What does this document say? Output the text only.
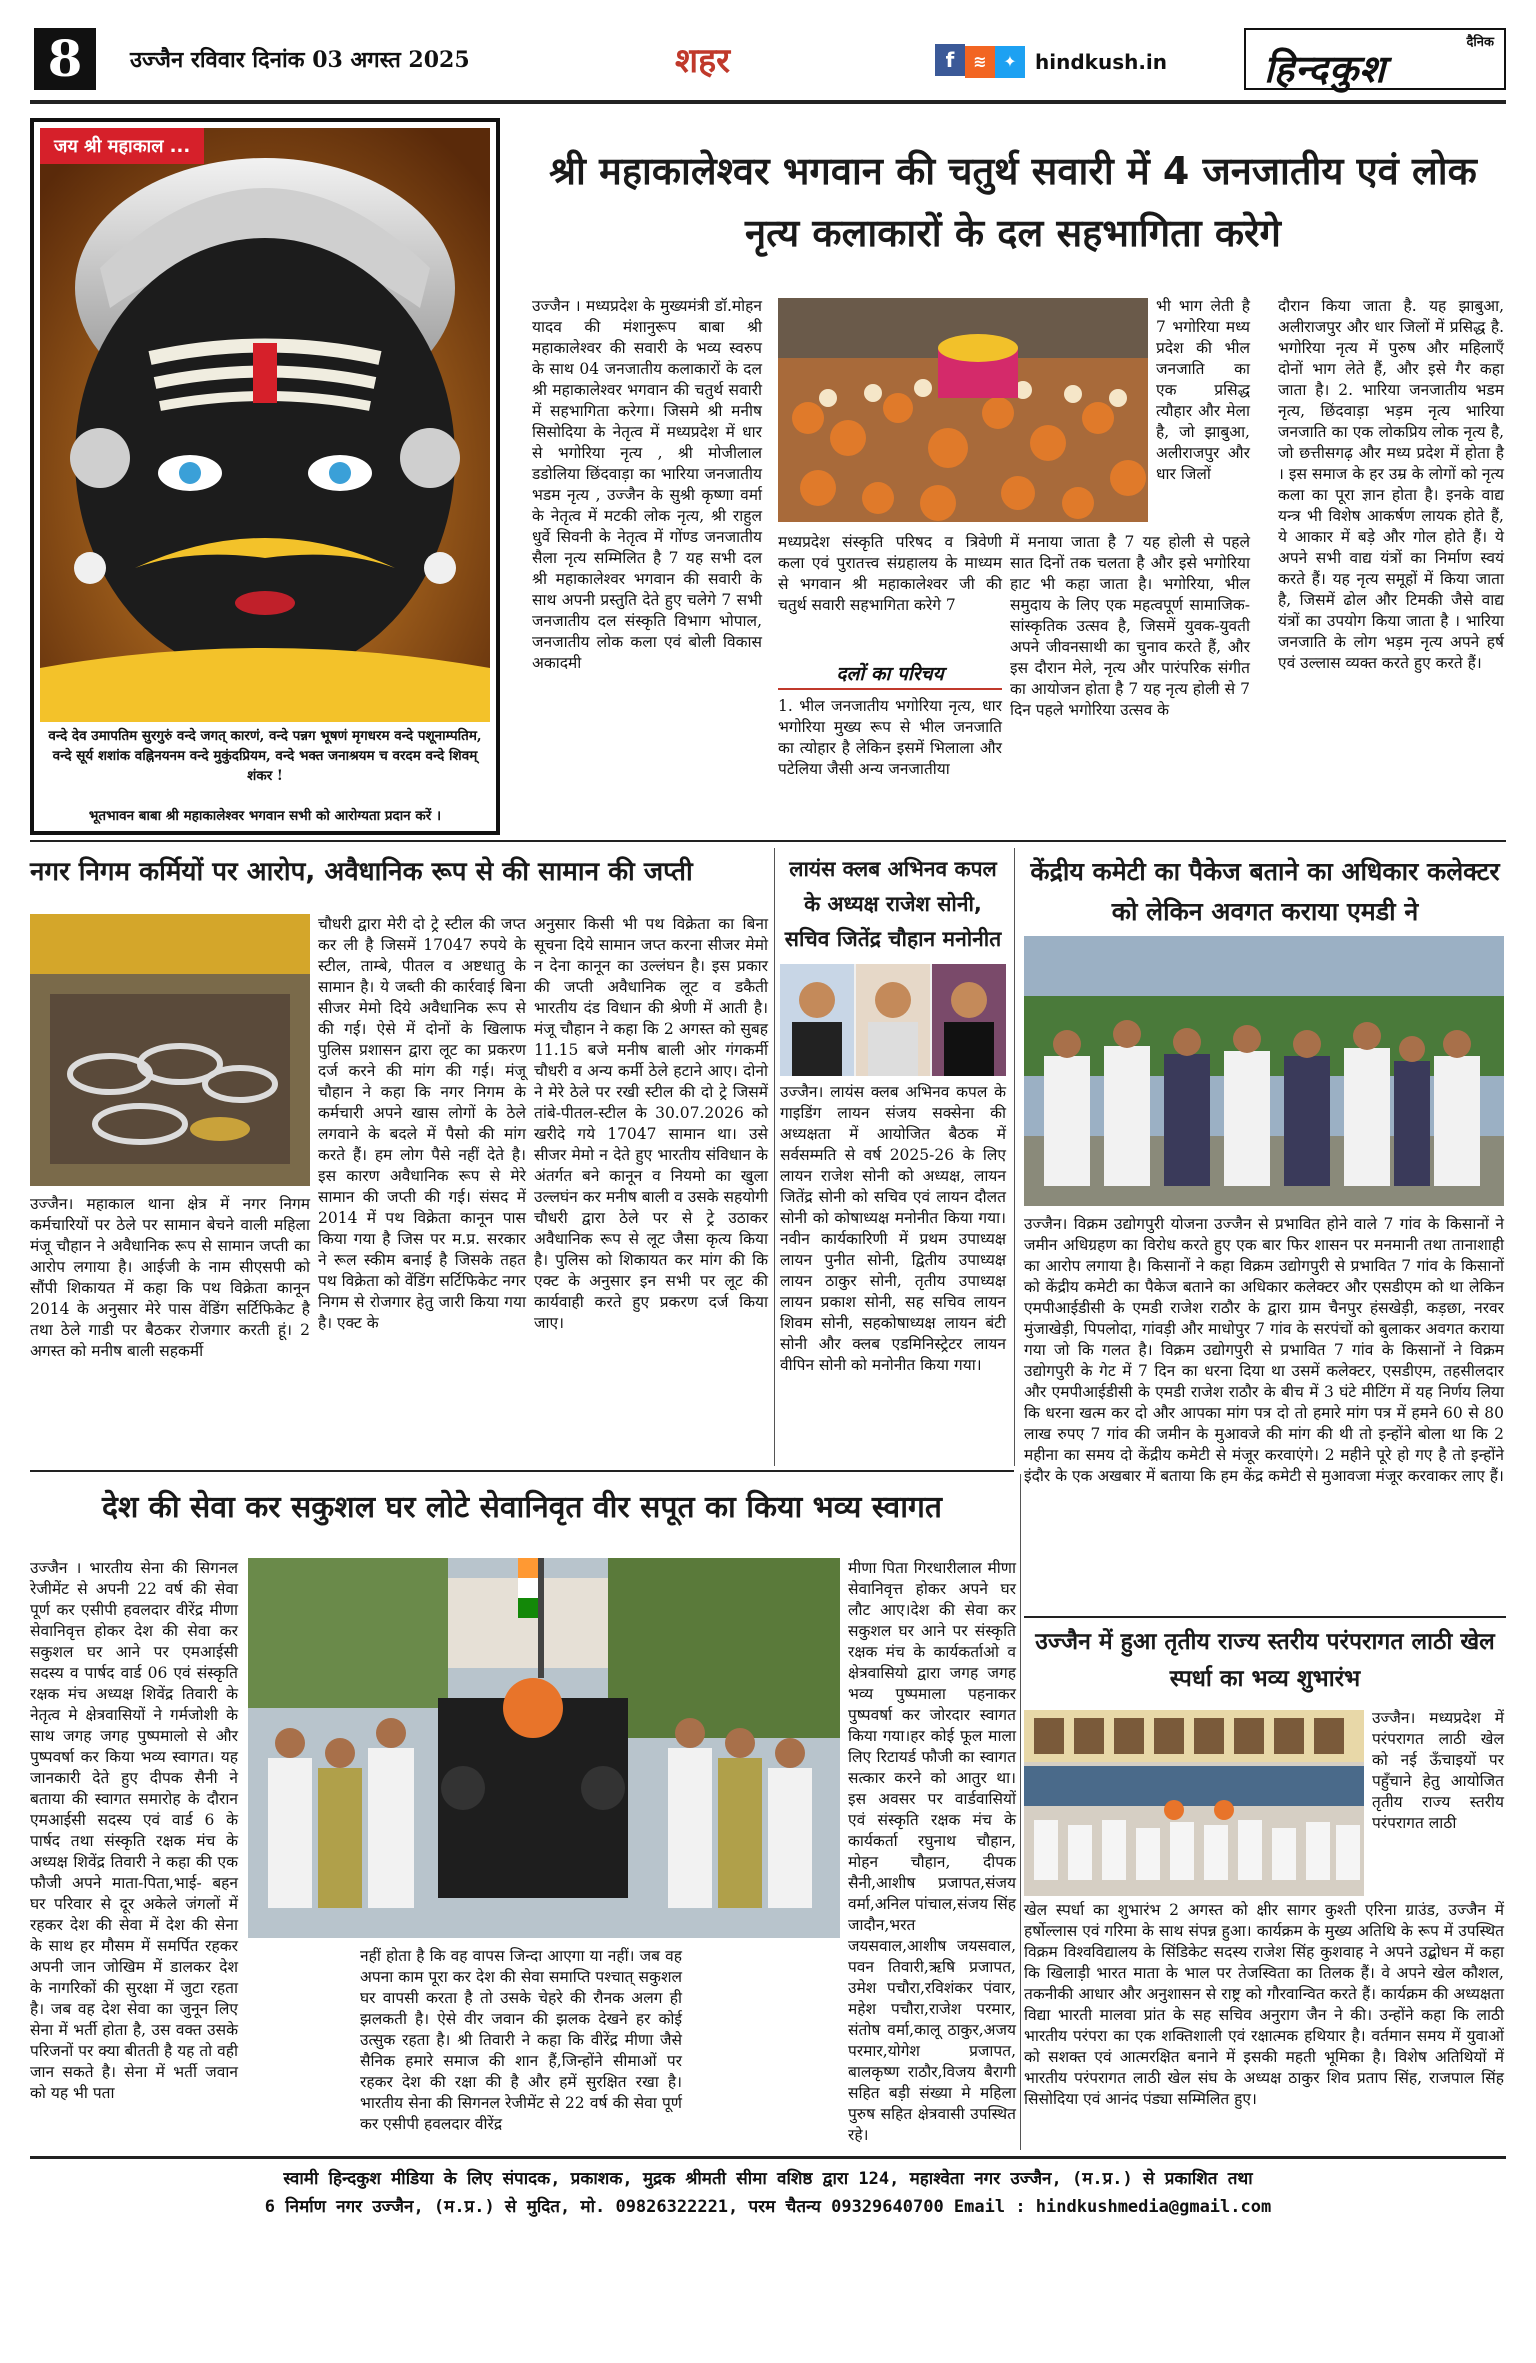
8	उज्जैन रविवार दिनांक 03 अगस्त 2025	शहर	f ≋ ✦ hindkush.in
दैनिक
हिन्दकुश
जय श्री महाकाल ...
वन्दे देव उमापतिम सुरगुरुं वन्दे जगत् कारणं, वन्दे पन्नग भूषणं मृगधरम वन्दे पशूनाम्पतिम, वन्दे सूर्य शशांक वह्निनयनम वन्दे मुकुंदप्रियम, वन्दे भक्त जनाश्रयम च वरदम वन्दे शिवम् शंकर !
भूतभावन बाबा श्री महाकालेश्वर भगवान सभी को आरोग्यता प्रदान करें ।
श्री महाकालेश्वर भगवान की चतुर्थ सवारी में 4 जनजातीय एवं लोक नृत्य कलाकारों के दल सहभागिता करेगे
उज्जैन । मध्यप्रदेश के मुख्यमंत्री डॉ.मोहन यादव की मंशानुरूप बाबा श्री महाकालेश्वर की सवारी के भव्य स्वरुप के साथ 04 जनजातीय कलाकारों के दल श्री महाकालेश्वर भगवान की चतुर्थ सवारी में सहभागिता करेगा। जिसमे श्री मनीष सिसोदिया के नेतृत्व में मध्यप्रदेश में धार से भगोरिया नृत्य , श्री मोजीलाल डडोलिया छिंदवाड़ा का भारिया जनजातीय भडम नृत्य , उज्जैन के सुश्री कृष्णा वर्मा के नेतृत्व में मटकी लोक नृत्य, श्री राहुल धुर्वे सिवनी के नेतृत्व में गोंण्ड जनजातीय सैला नृत्य सम्मिलित है 7 यह सभी दल श्री महाकालेश्वर भगवान की सवारी के साथ अपनी प्रस्तुति देते हुए चलेगे 7 सभी जनजातीय दल संस्कृति विभाग भोपाल, जनजातीय लोक कला एवं बोली विकास अकादमी
मध्यप्रदेश संस्कृति परिषद व त्रिवेणी कला एवं पुरातत्त्व संग्रहालय के माध्यम से भगवान श्री महाकालेश्वर जी की चतुर्थ सवारी सहभागिता करेगे 7
दलों का परिचय
1. भील जनजातीय भगोरिया नृत्य, धार भगोरिया मुख्य रूप से भील जनजाति का त्योहार है लेकिन इसमें भिलाला और पटेलिया जैसी अन्य जनजातीया
भी भाग लेती है 7 भगोरिया मध्य प्रदेश की भील जनजाति का एक प्रसिद्ध त्यौहार और मेला है, जो झाबुआ, अलीराजपुर और धार जिलों
में मनाया जाता है 7 यह होली से पहले सात दिनों तक चलता है और इसे भगोरिया हाट भी कहा जाता है। भगोरिया, भील समुदाय के लिए एक महत्वपूर्ण सामाजिक-सांस्कृतिक उत्सव है, जिसमें युवक-युवती अपने जीवनसाथी का चुनाव करते हैं, और इस दौरान मेले, नृत्य और पारंपरिक संगीत का आयोजन होता है 7 यह नृत्य होली से 7 दिन पहले भगोरिया उत्सव के
दौरान किया जाता है. यह झाबुआ, अलीराजपुर और धार जिलों में प्रसिद्ध है. भगोरिया नृत्य में पुरुष और महिलाएँ दोनों भाग लेते हैं, और इसे गैर कहा जाता है। 2. भारिया जनजातीय भडम नृत्य, छिंदवाड़ा भड़म नृत्य भारिया जनजाति का एक लोकप्रिय लोक नृत्य है, जो छत्तीसगढ़ और मध्य प्रदेश में होता है । इस समाज के हर उम्र के लोगों को नृत्य कला का पूरा ज्ञान होता है। इनके वाद्य यन्त्र भी विशेष आकर्षण लायक होते हैं, ये आकार में बड़े और गोल होते हैं। ये अपने सभी वाद्य यंत्रों का निर्माण स्वयं करते हैं। यह नृत्य समूहों में किया जाता है, जिसमें ढोल और टिमकी जैसे वाद्य यंत्रों का उपयोग किया जाता है । भारिया जनजाति के लोग भड़म नृत्य अपने हर्ष एवं उल्लास व्यक्त करते हुए करते हैं।
नगर निगम कर्मियों पर आरोप, अवैधानिक रूप से की सामान की जप्ती
उज्जैन। महाकाल थाना क्षेत्र में नगर निगम कर्मचारियों पर ठेले पर सामान बेचने वाली महिला मंजू चौहान ने अवैधानिक रूप से सामान जप्ती का आरोप लगाया है। आईजी के नाम सीएसपी को सौंपी शिकायत में कहा कि पथ विक्रेता कानून 2014 के अनुसार मेरे पास वेंडिंग सर्टिफिकेट है तथा ठेले गाडी पर बैठकर रोजगार करती हूं। 2 अगस्त को मनीष बाली सहकर्मी
चौधरी द्वारा मेरी दो ट्रे स्टील की जप्त कर ली है जिसमें 17047 रुपये के स्टील, ताम्बे, पीतल व अष्टधातु के सामान है। ये जब्ती की कार्रवाई बिना सीजर मेमो दिये अवैधानिक रूप से की गई। ऐसे में दोनों के खिलाफ पुलिस प्रशासन द्वारा लूट का प्रकरण दर्ज करने की मांग की गई। मंजू चौहान ने कहा कि नगर निगम के कर्मचारी अपने खास लोगों के ठेले लगवाने के बदले में पैसो की मांग करते हैं। हम लोग पैसे नहीं देते है। इस कारण अवैधानिक रूप से मेरे सामान की जप्ती की गई। संसद में 2014 में पथ विक्रेता कानून पास किया गया है जिस पर म.प्र. सरकार ने रूल स्कीम बनाई है जिसके तहत पथ विक्रेता को वेंडिंग सर्टिफिकेट नगर निगम से रोजगार हेतु जारी किया गया है। एक्ट के
अनुसार किसी भी पथ विक्रेता का बिना सूचना दिये सामान जप्त करना सीजर मेमो न देना कानून का उल्लंघन है। इस प्रकार की जप्ती अवैधानिक लूट व डकैती भारतीय दंड विधान की श्रेणी में आती है। मंजू चौहान ने कहा कि 2 अगस्त को सुबह 11.15 बजे मनीष बाली ओर गंगकर्मी चौधरी व अन्य कर्मी ठेले हटाने आए। दोनो ने मेरे ठेले पर रखी स्टील की दो ट्रे जिसमें तांबे-पीतल-स्टील के 30.07.2026 को खरीदे गये 17047 सामान था। उसे सीजर मेमो न देते हुए भारतीय संविधान के अंतर्गत बने कानून व नियमो का खुला उल्लघंन कर मनीष बाली व उसके सहयोगी चौधरी द्वारा ठेले पर से ट्रे उठाकर अवैधानिक रूप से लूट जैसा कृत्य किया है। पुलिस को शिकायत कर मांग की कि एक्ट के अनुसार इन सभी पर लूट की कार्यवाही करते हुए प्रकरण दर्ज किया जाए।
लायंस क्लब अभिनव कपल के अध्यक्ष राजेश सोनी, सचिव जितेंद्र चौहान मनोनीत
उज्जैन। लायंस क्लब अभिनव कपल के गाइडिंग लायन संजय सक्सेना की अध्यक्षता में आयोजित बैठक में सर्वसम्मति से वर्ष 2025-26 के लिए लायन राजेश सोनी को अध्यक्ष, लायन जितेंद्र सोनी को सचिव एवं लायन दौलत सोनी को कोषाध्यक्ष मनोनीत किया गया। नवीन कार्यकारिणी में प्रथम उपाध्यक्ष लायन पुनीत सोनी, द्वितीय उपाध्यक्ष लायन ठाकुर सोनी, तृतीय उपाध्यक्ष लायन प्रकाश सोनी, सह सचिव लायन शिवम सोनी, सहकोषाध्यक्ष लायन बंटी सोनी और क्लब एडमिनिस्ट्रेटर लायन वीपिन सोनी को मनोनीत किया गया।
केंद्रीय कमेटी का पैकेज बताने का अधिकार कलेक्टर को लेकिन अवगत कराया एमडी ने
उज्जैन। विक्रम उद्योगपुरी योजना उज्जैन से प्रभावित होने वाले 7 गांव के किसानों ने जमीन अधिग्रहण का विरोध करते हुए एक बार फिर शासन पर मनमानी तथा तानाशाही का आरोप लगाया है। किसानों ने कहा विक्रम उद्योगपुरी से प्रभावित 7 गांव के किसानों को केंद्रीय कमेटी का पैकेज बताने का अधिकार कलेक्टर और एसडीएम को था लेकिन एमपीआईडीसी के एमडी राजेश राठौर के द्वारा ग्राम चैनपुर हंसखेड़ी, कड़छा, नरवर मुंजाखेड़ी, पिपलोदा, गांवड़ी और माधोपुर 7 गांव के सरपंचों को बुलाकर अवगत कराया गया जो कि गलत है। विक्रम उद्योगपुरी से प्रभावित 7 गांव के किसानों ने विक्रम उद्योगपुरी के गेट में 7 दिन का धरना दिया था उसमें कलेक्टर, एसडीएम, तहसीलदार और एमपीआईडीसी के एमडी राजेश राठौर के बीच में 3 घंटे मीटिंग में यह निर्णय लिया कि धरना खत्म कर दो और आपका मांग पत्र दो तो हमारे मांग पत्र में हमने 60 से 80 लाख रुपए 7 गांव की जमीन के मुआवजे की मांग की थी तो इन्होंने बोला था कि 2 महीना का समय दो केंद्रीय कमेटी से मंजूर करवाएंगे। 2 महीने पूरे हो गए है तो इन्होंने इंदौर के एक अखबार में बताया कि हम केंद्र कमेटी से मुआवजा मंजूर करवाकर लाए हैं।
देश की सेवा कर सकुशल घर लोटे सेवानिवृत वीर सपूत का किया भव्य स्वागत
उज्जैन । भारतीय सेना की सिगनल रेजीमेंट से अपनी 22 वर्ष की सेवा पूर्ण कर एसीपी हवलदार वीरेंद्र मीणा सेवानिवृत्त होकर देश की सेवा कर सकुशल घर आने पर एमआईसी सदस्य व पार्षद वार्ड 06 एवं संस्कृति रक्षक मंच अध्यक्ष शिवेंद्र तिवारी के नेतृत्व मे क्षेत्रवासियों ने गर्मजोशी के साथ जगह जगह पुष्पमालो से और पुष्पवर्षा कर किया भव्य स्वागत। यह जानकारी देते हुए दीपक सैनी ने बताया की स्वागत समारोह के दौरान एमआईसी सदस्य एवं वार्ड 6 के पार्षद तथा संस्कृति रक्षक मंच के अध्यक्ष शिवेंद्र तिवारी ने कहा की एक फौजी अपने माता-पिता,भाई- बहन घर परिवार से दूर अकेले जंगलों में रहकर देश की सेवा में देश की सेना के साथ हर मौसम में समर्पित रहकर अपनी जान जोखिम में डालकर देश के नागरिकों की सुरक्षा में जुटा रहता है। जब वह देश सेवा का जुनून लिए सेना में भर्ती होता है, उस वक्त उसके परिजनों पर क्या बीतती है यह तो वही जान सकते है। सेना में भर्ती जवान को यह भी पता
नहीं होता है कि वह वापस जिन्दा आएगा या नहीं। जब वह अपना काम पूरा कर देश की सेवा समाप्ति पश्चात् सकुशल घर वापसी करता है तो उसके चेहरे की रौनक अलग ही झलकती है। ऐसे वीर जवान की झलक देखने हर कोई उत्सुक रहता है। श्री तिवारी ने कहा कि वीरेंद्र मीणा जैसे सैनिक हमारे समाज की शान हैं,जिन्होंने सीमाओं पर रहकर देश की रक्षा की है और हमें सुरक्षित रखा है।भारतीय सेना की सिगनल रेजीमेंट से 22 वर्ष की सेवा पूर्ण कर एसीपी हवलदार वीरेंद्र
मीणा पिता गिरधारीलाल मीणा सेवानिवृत्त होकर अपने घर लौट आए।देश की सेवा कर सकुशल घर आने पर संस्कृति रक्षक मंच के कार्यकर्ताओ व क्षेत्रवासियो द्वारा जगह जगह भव्य पुष्पमाला पहनाकर पुष्पवर्षा कर जोरदार स्वागत किया गया।हर कोई फूल माला लिए रिटायर्ड फौजी का स्वागत सत्कार करने को आतुर था।इस अवसर पर वार्डवासियों एवं संस्कृति रक्षक मंच के कार्यकर्ता रघुनाथ चौहान, मोहन चौहान, दीपक सैनी,आशीष प्रजापत,संजय वर्मा,अनिल पांचाल,संजय सिंह जादौन,भरत जयसवाल,आशीष जयसवाल, पवन तिवारी,ऋषि प्रजापत, उमेश पचौरा,रविशंकर पंवार, महेश पचौरा,राजेश परमार, संतोष वर्मा,कालू ठाकुर,अजय परमार,योगेश प्रजापत, बालकृष्ण राठौर,विजय बैरागी सहित बड़ी संख्या मे महिला पुरुष सहित क्षेत्रवासी उपस्थित रहे।
उज्जैन में हुआ तृतीय राज्य स्तरीय परंपरागत लाठी खेल स्पर्धा का भव्य शुभारंभ
उज्जैन। मध्यप्रदेश में परंपरागत लाठी खेल को नई ऊँचाइयों पर पहुँचाने हेतु आयोजित तृतीय राज्य स्तरीय परंपरागत लाठी
खेल स्पर्धा का शुभारंभ 2 अगस्त को क्षीर सागर कुश्ती एरिना ग्राउंड, उज्जैन में हर्षोल्लास एवं गरिमा के साथ संपन्न हुआ। कार्यक्रम के मुख्य अतिथि के रूप में उपस्थित विक्रम विश्वविद्यालय के सिंडिकेट सदस्य राजेश सिंह कुशवाह ने अपने उद्बोधन में कहा कि खिलाड़ी भारत माता के भाल पर तेजस्विता का तिलक हैं। वे अपने खेल कौशल, तकनीकी आधार और अनुशासन से राष्ट्र को गौरवान्वित करते हैं। कार्यक्रम की अध्यक्षता विद्या भारती मालवा प्रांत के सह सचिव अनुराग जैन ने की। उन्होंने कहा कि लाठी भारतीय परंपरा का एक शक्तिशाली एवं रक्षात्मक हथियार है। वर्तमान समय में युवाओं को सशक्त एवं आत्मरक्षित बनाने में इसकी महती भूमिका है। विशेष अतिथियों में भारतीय परंपरागत लाठी खेल संघ के अध्यक्ष ठाकुर शिव प्रताप सिंह, राजपाल सिंह सिसोदिया एवं आनंद पंड्या सम्मिलित हुए।
स्वामी हिन्दकुश मीडिया के लिए संपादक, प्रकाशक, मुद्रक श्रीमती सीमा वशिष्ठ द्वारा 124, महाश्वेता नगर उज्जैन, (म.प्र.) से प्रकाशित तथा
6 निर्माण नगर उज्जैन, (म.प्र.) से मुदित, मो. 09826322221, परम चैतन्य 09329640700 Email : hindkushmedia@gmail.com
